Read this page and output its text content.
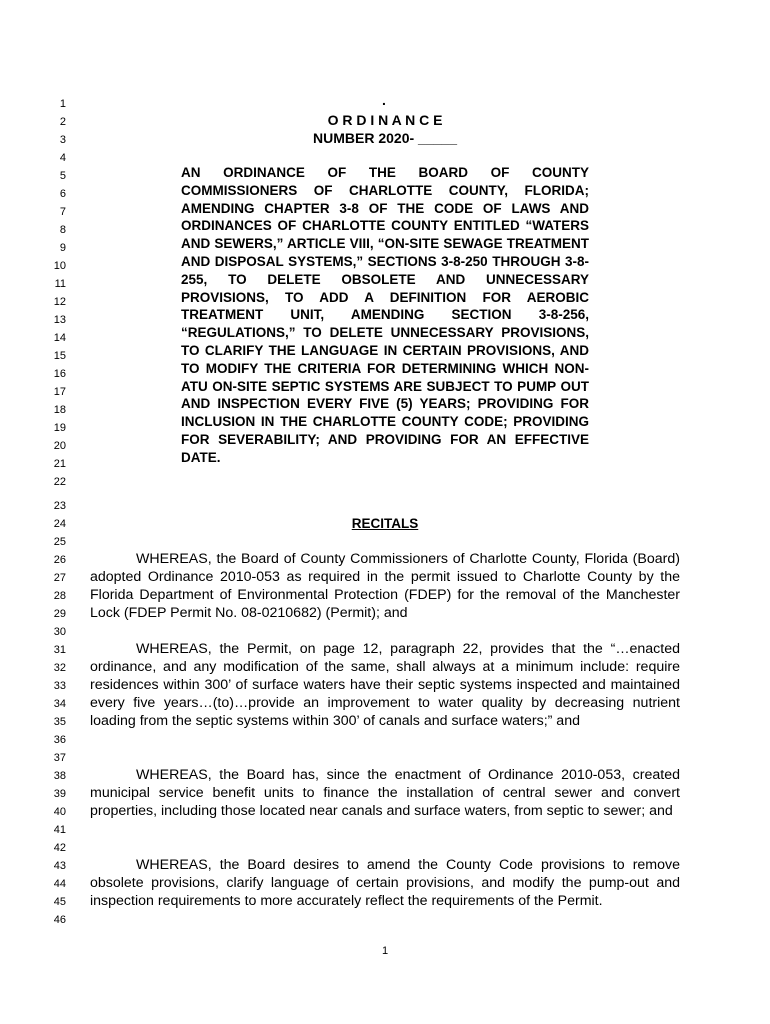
1
2
3
4
5
6
7
8
9
10
11
12
13
14
15
16
17
18
19
20
21
22
23
24
25
26
27
28
29
30
31
32
33
34
35
36
37
38
39
40
41
42
43
44
45
46
.
O R D I N A N C E
NUMBER 2020- _____
AN ORDINANCE OF THE BOARD OF COUNTY COMMISSIONERS OF CHARLOTTE COUNTY, FLORIDA; AMENDING CHAPTER 3-8 OF THE CODE OF LAWS AND ORDINANCES OF CHARLOTTE COUNTY ENTITLED “WATERS AND SEWERS,” ARTICLE VIII, “ON-SITE SEWAGE TREATMENT AND DISPOSAL SYSTEMS,” SECTIONS 3-8-250 THROUGH 3-8-255, TO DELETE OBSOLETE AND UNNECESSARY PROVISIONS, TO ADD A DEFINITION FOR AEROBIC TREATMENT UNIT, AMENDING SECTION 3-8-256, “REGULATIONS,” TO DELETE UNNECESSARY PROVISIONS, TO CLARIFY THE LANGUAGE IN CERTAIN PROVISIONS, AND TO MODIFY THE CRITERIA FOR DETERMINING WHICH NON-ATU ON-SITE SEPTIC SYSTEMS ARE SUBJECT TO PUMP OUT AND INSPECTION EVERY FIVE (5) YEARS; PROVIDING FOR INCLUSION IN THE CHARLOTTE COUNTY CODE; PROVIDING FOR SEVERABILITY; AND PROVIDING FOR AN EFFECTIVE DATE.
RECITALS

WHEREAS, the Board of County Commissioners of Charlotte County, Florida (Board) adopted Ordinance 2010-053 as required in the permit issued to Charlotte County by the Florida Department of Environmental Protection (FDEP) for the removal of the Manchester Lock (FDEP Permit No. 08-0210682) (Permit); and

WHEREAS, the Permit, on page 12, paragraph 22, provides that the “…enacted ordinance, and any modification of the same, shall always at a minimum include: require residences within 300’ of surface waters have their septic systems inspected and maintained every five years…(to)…provide an improvement to water quality by decreasing nutrient loading from the septic systems within 300’ of canals and surface waters;” and

WHEREAS, the Board has, since the enactment of Ordinance 2010-053, created municipal service benefit units to finance the installation of central sewer and convert properties, including those located near canals and surface waters, from septic to sewer; and

WHEREAS, the Board desires to amend the County Code provisions to remove obsolete provisions, clarify language of certain provisions, and modify the pump-out and inspection requirements to more accurately reflect the requirements of the Permit.

1
